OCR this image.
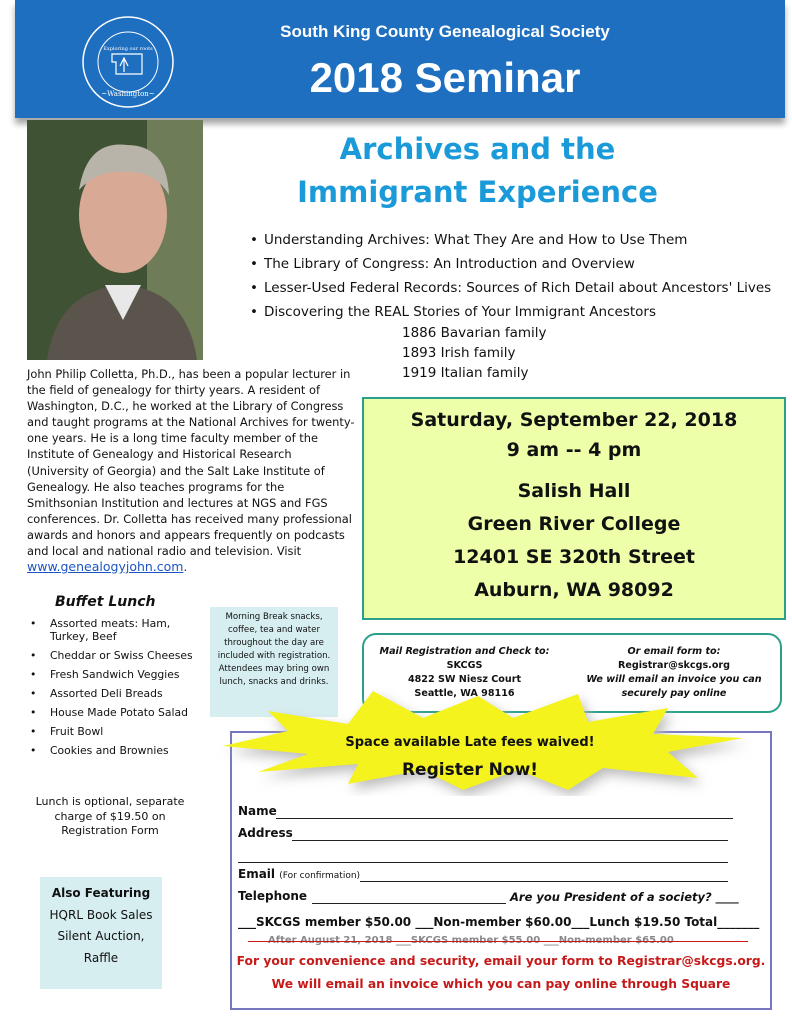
Exploring our roots
~Washington~
South King County Genealogical Society
2018 Seminar
Archives and the
Immigrant Experience
• Understanding Archives: What They Are and How to Use Them
• The Library of Congress: An Introduction and Overview
• Lesser-Used Federal Records: Sources of Rich Detail about Ancestors' Lives
• Discovering the REAL Stories of Your Immigrant Ancestors
1886 Bavarian family
1893 Irish family
1919 Italian family
John Philip Colletta, Ph.D., has been a popular lecturer in the field of genealogy for thirty years. A resident of Washington, D.C., he worked at the Library of Congress and taught programs at the National Archives for twenty-one years. He is a long time faculty member of the Institute of Genealogy and Historical Research (University of Georgia) and the Salt Lake Institute of Genealogy. He also teaches programs for the Smithsonian Institution and lectures at NGS and FGS conferences. Dr. Colletta has received many professional awards and honors and appears frequently on podcasts and local and national radio and television. Visit www.genealogyjohn.com.
Saturday, September 22, 2018
9 am -- 4 pm
Salish Hall
Green River College
12401 SE 320th Street
Auburn, WA 98092
Buffet Lunch
• Assorted meats: Ham, Turkey, Beef
• Cheddar or Swiss Cheeses
• Fresh Sandwich Veggies
• Assorted Deli Breads
• House Made Potato Salad
• Fruit Bowl
• Cookies and Brownies
Lunch is optional, separate charge of $19.50 on Registration Form
Morning Break snacks, coffee, tea and water throughout the day are included with registration. Attendees may bring own lunch, snacks and drinks.
Mail Registration and Check to:
SKCGS
4822 SW Niesz Court
Seattle, WA 98116
Or email form to:
Registrar@skcgs.org
We will email an invoice you can securely pay online
Space available Late fees waived!
Register Now!
Name
Address
Email (For confirmation)
Telephone	Are you President of a society? ____
___SKCGS member $50.00 ___Non-member $60.00___Lunch $19.50 Total_______
After August 21, 2018 ___SKCGS member $55.00 ___Non-member $65.00
For your convenience and security, email your form to Registrar@skcgs.org.
We will email an invoice which you can pay online through Square
Also Featuring
HQRL Book Sales
Silent Auction,
Raffle
